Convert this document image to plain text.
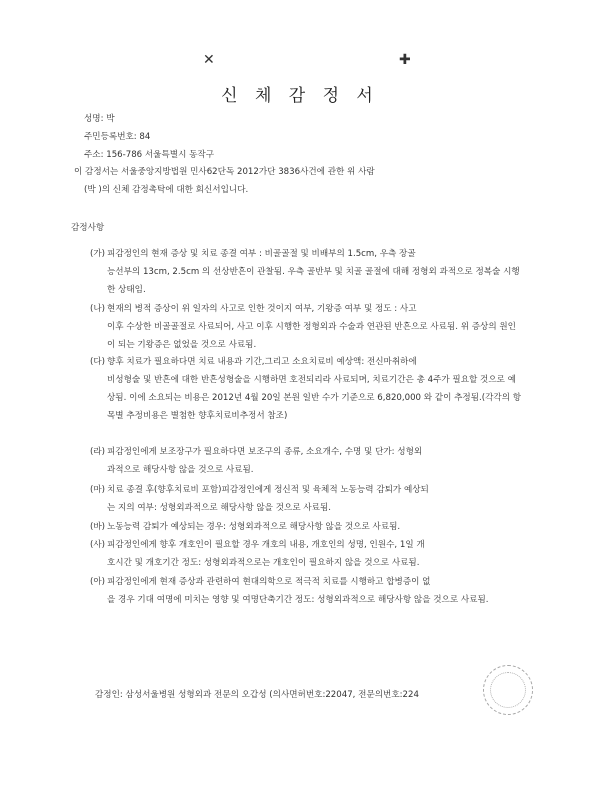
✕	✚
신 체 감 정 서
성명: 박
주민등록번호: 84
주소: 156-786 서울특별시 동작구
이 감정서는 서울중앙지방법원 민사62단독 2012가단 3836사건에 관한 위 사람
(박 )의 신체 감정촉탁에 대한 회신서입니다.
감정사항
(가) 피감정인의 현재 증상 및 치료 종결 여부 : 비골골절 및 비배부의 1.5cm, 우측 장골
능선부의 13cm, 2.5cm 의 선상반흔이 관찰됨. 우측 골반부 및 치골 골절에 대해 정형외 과적으로 정복술 시행한 상태임.
(나) 현재의 병적 증상이 위 일자의 사고로 인한 것이지 여부, 기왕증 여부 및 정도 : 사고
이후 수상한 비골골절로 사료되어, 사고 이후 시행한 정형외과 수술과 연관된 반흔으로 사료됨. 위 증상의 원인이 되는 기왕증은 없었을 것으로 사료됨.
(다) 향후 치료가 필요하다면 치료 내용과 기간,그리고 소요치료비 예상액: 전신마취하에
비성형술 및 반흔에 대한 반흔성형술을 시행하면 호전되리라 사료되며, 치료기간은 총 4주가 필요할 것으로 예상됨. 이에 소요되는 비용은 2012년 4월 20일 본원 일반 수가 기준으로 6,820,000 와 같이 추정됨.(각각의 항목별 추정비용은 별첨한 향후치료비추정서 참조)
(라) 피감정인에게 보조장구가 필요하다면 보조구의 종류, 소요개수, 수명 및 단가: 성형외
과적으로 해당사항 않을 것으로 사료됨.
(마) 치료 종결 후(향후치료비 포함)피감정인에게 정신적 및 육체적 노동능력 감퇴가 예상되
는 지의 여부: 성형외과적으로 해당사항 않을 것으로 사료됨.
(바) 노동능력 감퇴가 예상되는 경우: 성형외과적으로 해당사항 않을 것으로 사료됨.
(사) 피감정인에게 향후 개호인이 필요할 경우 개호의 내용, 개호인의 성명, 인원수, 1일 개
호시간 및 개호기간 정도: 성형외과적으로는 개호인이 필요하지 않을 것으로 사료됨.
(아) 피감정인에게 현재 증상과 관련하여 현대의학으로 적극적 치료를 시행하고 합병증이 없
을 경우 기대 여명에 미치는 영향 및 여명단축기간 정도: 성형외과적으로 해당사항 않을 것으로 사료됨.
감정인: 삼성서울병원 성형외과 전문의 오갑성 (의사면허번호:22047, 전문의번호:224
